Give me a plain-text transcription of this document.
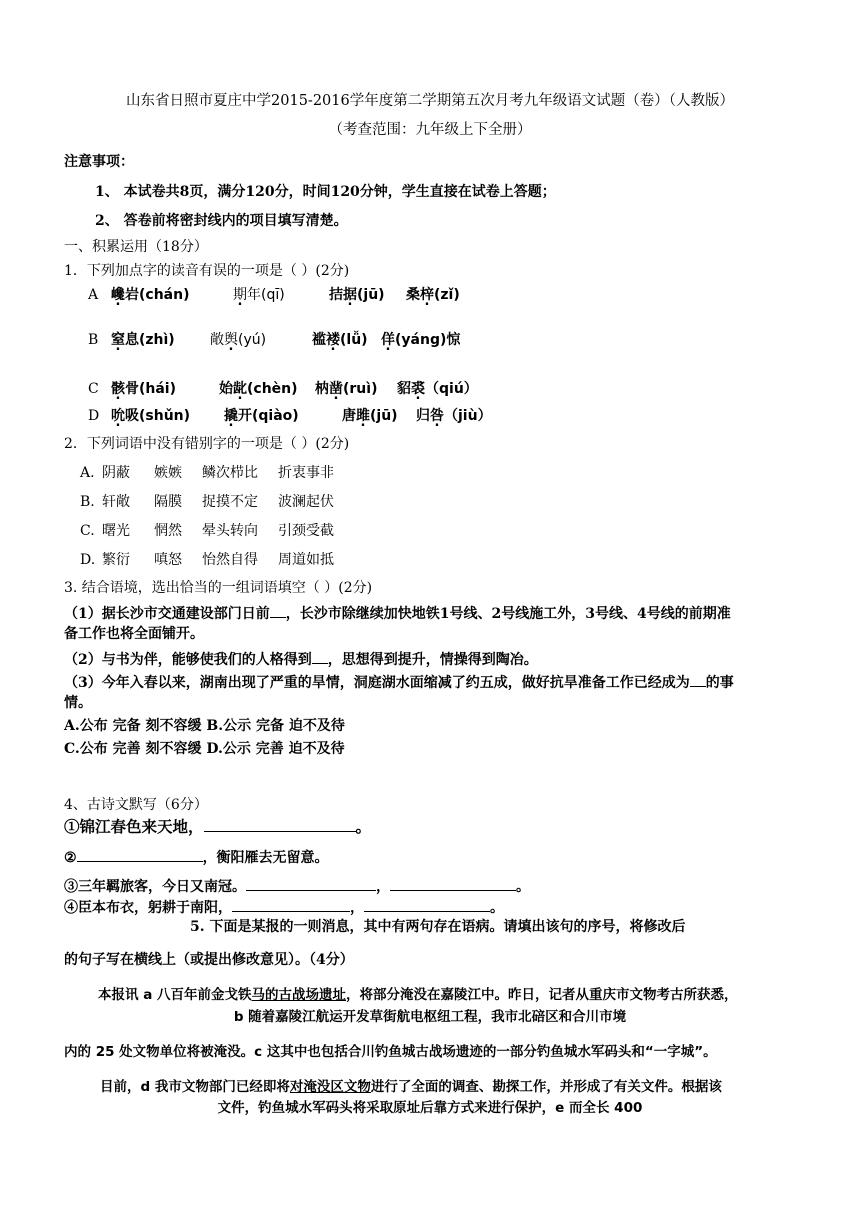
山东省日照市夏庄中学2015-2016学年度第二学期第五次月考九年级语文试题（卷）（人教版）
（考查范围：九年级上下全册）
注意事项：
1、 本试卷共8页，满分120分，时间120分钟，学生直接在试卷上答题；
2、 答卷前将密封线内的项目填写清楚。
一、积累运用（18分）
1．下列加点字的读音有误的一项是（ ）(2分)
A 巉岩(chán)	期年(qī)	拮据(jū) 桑梓(zǐ)
B 窒息(zhì)	敞舆(yú)	褴褛(lǚ) 佯(yáng)惊
C 骸骨(hái)	始龀(chèn) 枘凿(ruì) 貂裘（qiú）
D 吮吸(shǔn) 撬开(qiào)	唐雎(jū) 归咎（jiù）
2．下列词语中没有错别字的一项是（ ）(2分)
A. 阴蔽 嫉嫉 鳞次栉比 折衷事非
B. 轩敞 隔膜 捉摸不定 波澜起伏
C. 曙光 惘然 晕头转向 引颈受截
D. 繁衍 嗔怒 怡然自得 周道如抵
3. 结合语境，选出恰当的一组词语填空（ ）(2分)
（1）据长沙市交通建设部门日前 ，长沙市除继续加快地铁1号线、2号线施工外，3号线、4号线的前期准
备工作也将全面铺开。
（2）与书为伴，能够使我们的人格得到 ，思想得到提升，情操得到陶冶。
（3）今年入春以来，湖南出现了严重的旱情，洞庭湖水面缩减了约五成，做好抗旱准备工作已经成为 的事
情。
A.公布 完备 刻不容缓 B.公示 完备 迫不及待
C.公布 完善 刻不容缓 D.公示 完善 迫不及待
4、古诗文默写（6分）
①锦江春色来天地，	。
②	，衡阳雁去无留意。
③三年羁旅客，今日又南冠。	，	。
④臣本布衣，躬耕于南阳，	，	。
5. 下面是某报的一则消息，其中有两句存在语病。请填出该句的序号，将修改后
的句子写在横线上（或提出修改意见）。（4分）
本报讯 a 八百年前金戈铁马的古战场遗址，将部分淹没在嘉陵江中。昨日，记者从重庆市文物考古所获悉，
b 随着嘉陵江航运开发草街航电枢纽工程，我市北碚区和合川市境
内的 25 处文物单位将被淹没。c 这其中也包括合川钓鱼城古战场遗迹的一部分钓鱼城水军码头和“一字城”。
目前，d 我市文物部门已经即将对淹没区文物进行了全面的调查、勘探工作，并形成了有关文件。根据该
文件，钓鱼城水军码头将采取原址后靠方式来进行保护，e 而全长 400
